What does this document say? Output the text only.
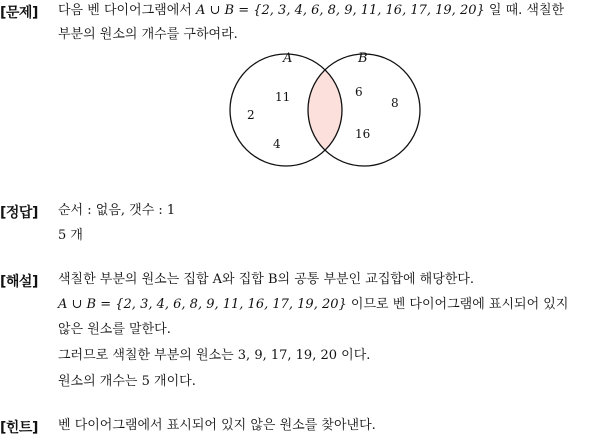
[문제] 다음 벤 다이어그램에서 A ∪ B = {2, 3, 4, 6, 8, 9, 11, 16, 17, 19, 20} 일 때. 색칠한
부분의 원소의 개수를 구하여라.
A	B
11
2
4
6
8
16
[정답] 순서 : 없음, 갯수 : 1
5 개
[해설] 색칠한 부분의 원소는 집합 A와 집합 B의 공통 부분인 교집합에 해당한다.
A ∪ B = {2, 3, 4, 6, 8, 9, 11, 16, 17, 19, 20} 이므로 벤 다이어그램에 표시되어 있지
않은 원소를 말한다.
그러므로 색칠한 부분의 원소는 3, 9, 17, 19, 20 이다.
원소의 개수는 5 개이다.
[힌트] 벤 다이어그램에서 표시되어 있지 않은 원소를 찾아낸다.
